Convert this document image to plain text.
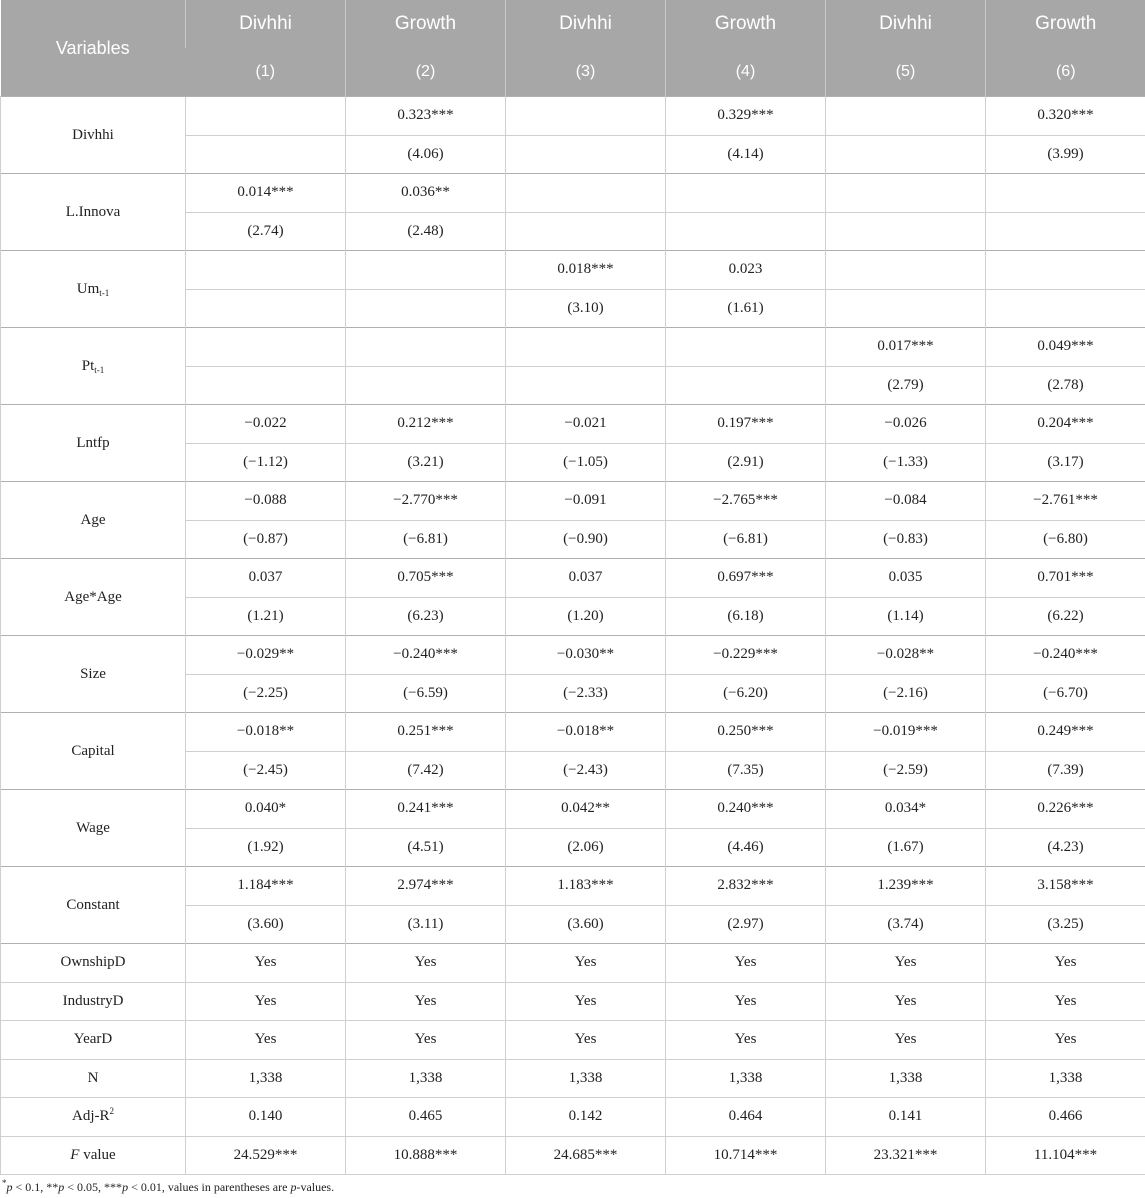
Variables	Divhhi	Growth	Divhhi	Growth	Divhhi	Growth
	(1)	(2)	(3)	(4)	(5)	(6)
Divhhi		0.323***		0.329***		0.320***
		(4.06)		(4.14)		(3.99)
L.Innova	0.014***	0.036**				
	(2.74)	(2.48)				
$Um_{t-1}$			0.018***	0.023		
			(3.10)	(1.61)		
$Pt_{t-1}$					0.017***	0.049***
					(2.79)	(2.78)
Lntfp	−0.022	0.212***	−0.021	0.197***	−0.026	0.204***
	(−1.12)	(3.21)	(−1.05)	(2.91)	(−1.33)	(3.17)
Age	−0.088	−2.770***	−0.091	−2.765***	−0.084	−2.761***
	(−0.87)	(−6.81)	(−0.90)	(−6.81)	(−0.83)	(−6.80)
Age*Age	0.037	0.705***	0.037	0.697***	0.035	0.701***
	(1.21)	(6.23)	(1.20)	(6.18)	(1.14)	(6.22)
Size	−0.029**	−0.240***	−0.030**	−0.229***	−0.028**	−0.240***
	(−2.25)	(−6.59)	(−2.33)	(−6.20)	(−2.16)	(−6.70)
Capital	−0.018**	0.251***	−0.018**	0.250***	−0.019***	0.249***
	(−2.45)	(7.42)	(−2.43)	(7.35)	(−2.59)	(7.39)
Wage	0.040*	0.241***	0.042**	0.240***	0.034*	0.226***
	(1.92)	(4.51)	(2.06)	(4.46)	(1.67)	(4.23)
Constant	1.184***	2.974***	1.183***	2.832***	1.239***	3.158***
	(3.60)	(3.11)	(3.60)	(2.97)	(3.74)	(3.25)
OwnshipD	Yes	Yes	Yes	Yes	Yes	Yes
IndustryD	Yes	Yes	Yes	Yes	Yes	Yes
YearD	Yes	Yes	Yes	Yes	Yes	Yes
N	1,338	1,338	1,338	1,338	1,338	1,338
Adj-$R^2$	0.140	0.465	0.142	0.464	0.141	0.466
F value	24.529***	10.888***	24.685***	10.714***	23.321***	11.104***
*p < 0.1, **p < 0.05, ***p < 0.01, values in parentheses are p-values.
